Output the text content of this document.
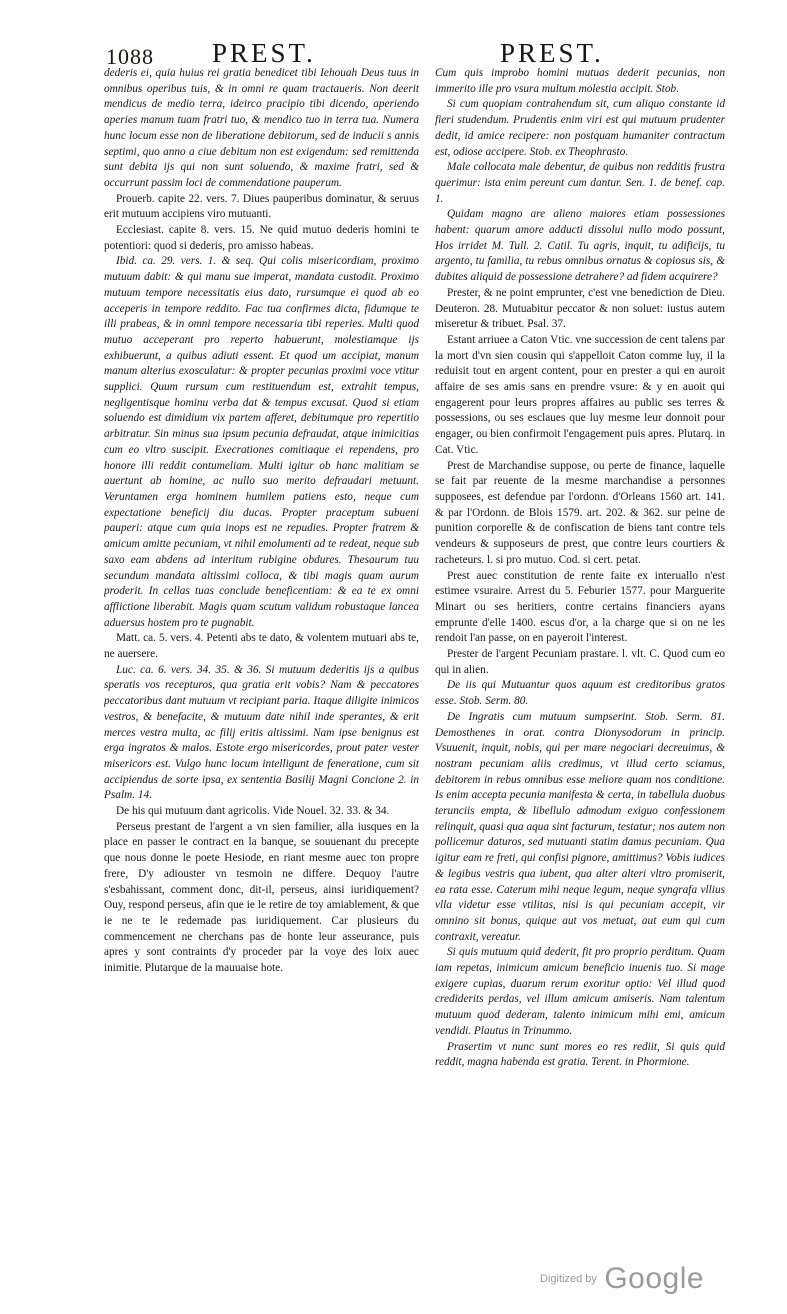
1088 PREST.	PREST.

dederis ei, quia huius rei gratia benedicet tibi Iehouah Deus tuus in omnibus operibus tuis, & in omni re quam tractaueris. Non deerit mendicus de medio terra, ideirco pracipio tibi dicendo, aperiendo aperies manum tuam fratri tuo, & mendico tuo in terra tua. Numera hunc locum esse non de liberatione debitorum, sed de inducii s annis septimi, quo anno a ciue debitum non est exigendum: sed remittenda sunt debita ijs qui non sunt soluendo, & maxime fratri, sed & occurrunt passim loci de commendatione pauperum.

Prouerb. capite 22. vers. 7. Diues pauperibus dominatur, & seruus erit mutuum accipiens viro mutuanti.

Ecclesiast. capite 8. vers. 15. Ne quid mutuo dederis homini te potentiori: quod si dederis, pro amisso habeas.

Ibid. ca. 29. vers. 1. & seq. Qui colis misericordiam, proximo mutuum dabit: & qui manu sue imperat, mandata custodit. Proximo mutuum tempore necessitatis eius dato, rursumque ei quod ab eo acceperis in tempore reddito. Fac tua confirmes dicta, fidumque te illi prabeas, & in omni tempore necessaria tibi reperies. Multi quod mutuo acceperant pro reperto habuerunt, molestiamque ijs exhibuerunt, a quibus adiuti essent. Et quod um accipiat, manum manum alterius exosculatur: & propter pecunias proximi voce vtitur supplici. Quum rursum cum restituendum est, extrahit tempus, negligentisque hominu verba dat & tempus excusat. Quod si etiam soluendo est dimidium vix partem afferet, debitumque pro repertitio arbitratur. Sin minus sua ipsum pecunia defraudat, atque inimicitias cum eo vltro suscipit. Execrationes comitiaque ei rependens, pro honore illi reddit contumeliam. Multi igitur ob hanc malitiam se auertunt ab homine, ac nullo suo merito defraudari metuunt. Veruntamen erga hominem humilem patiens esto, neque cum expectatione beneficij diu ducas. Propter praceptum subueni pauperi: atque cum quia inops est ne repudies. Propter fratrem & amicum amitte pecuniam, vt nihil emolumenti ad te redeat, neque sub saxo eam abdens ad interitum rubigine obdures. Thesaurum tuu secundum mandata altissimi colloca, & tibi magis quam aurum proderit. In cellas tuas conclude beneficentiam: & ea te ex omni afflictione liberabit. Magis quam scutum validum robustaque lancea aduersus hostem pro te pugnabit.

Matt. ca. 5. vers. 4. Petenti abs te dato, & volentem mutuari abs te, ne auersere.

Luc. ca. 6. vers. 34. 35. & 36. Si mutuum dederitis ijs a quibus speratis vos recepturos, qua gratia erit vobis? Nam & peccatores peccatoribus dant mutuum vt recipiant paria. Itaque diligite inimicos vestros, & benefacite, & mutuum date nihil inde sperantes, & erit merces vestra multa, ac filij eritis altissimi. Nam ipse benignus est erga ingratos & malos. Estote ergo misericordes, prout pater vester misericors est. Vulgo hunc locum intelligunt de feneratione, cum sit accipiendus de sorte ipsa, ex sententia Basilij Magni Concione 2. in Psalm. 14.

De his qui mutuum dant agricolis. Vide Nouel. 32. 33. & 34.

Perseus prestant de l'argent a vn sien familier, alla iusques en la place en passer le contract en la banque, se souuenant du precepte que nous donne le poete Hesiode, en riant mesme auec ton propre frere, D'y adiouster vn tesmoin ne differe. Dequoy l'autre s'esbahissant, comment donc, dit-il, perseus, ainsi iuridiquement? Ouy, respond perseus, afin que ie le retire de toy amiablement, & que ie ne te le redemade pas iuridiquement. Car plusieurs du commencement ne cherchans pas de honte leur asseurance, puis apres y sont contraints d'y proceder par la voye des loix auec inimitie. Plutarque de la mauuaise hote.

Cum quis improbo homini mutuas dederit pecunias, non immerito ille pro vsura multum molestia accipit. Stob.

Si cum quopiam contrahendum sit, cum aliquo constante id fieri studendum. Prudentis enim viri est qui mutuum prudenter dedit, id amice recipere: non postquam humaniter contractum est, odiose accipere. Stob. ex Theophrasto.

Male collocata male debentur, de quibus non redditis frustra querimur: ista enim pereunt cum dantur. Sen. 1. de benef. cap. 1.

Quidam magno are alieno maiores etiam possessiones habent: quarum amore adducti dissolui nullo modo possunt, Hos irridet M. Tull. 2. Catil. Tu agris, inquit, tu adificijs, tu argento, tu familia, tu rebus omnibus ornatus & copiosus sis, & dubites aliquid de possessione detrahere? ad fidem acquirere?

Prester, & ne point emprunter, c'est vne benediction de Dieu. Deuteron. 28. Mutuabitur peccator & non soluet: iustus autem miseretur & tribuet. Psal. 37.

Estant arriuee a Caton Vtic. vne succession de cent talens par la mort d'vn sien cousin qui s'appelloit Caton comme luy, il la reduisit tout en argent content, pour en prester a qui en auroit affaire de ses amis sans en prendre vsure: & y en auoit qui engagerent pour leurs propres affaires au public ses terres & possessions, ou ses esclaues que luy mesme leur donnoit pour engager, ou bien confirmoit l'engagement puis apres. Plutarq. in Cat. Vtic.

Prest de Marchandise suppose, ou perte de finance, laquelle se fait par reuente de la mesme marchandise a personnes supposees, est defendue par l'ordonn. d'Orleans 1560 art. 141. & par l'Ordonn. de Blois 1579. art. 202. & 362. sur peine de punition corporelle & de confiscation de biens tant contre tels vendeurs & supposeurs de prest, que contre leurs courtiers & racheteurs. l. si pro mutuo. Cod. si cert. petat.

Prest auec constitution de rente faite ex interuallo n'est estimee vsuraire. Arrest du 5. Feburier 1577. pour Marguerite Minart ou ses heritiers, contre certains financiers ayans emprunte d'elle 1400. escus d'or, a la charge que si on ne les rendoit l'an passe, on en payeroit l'interest.

Prester de l'argent Pecuniam prastare. l. vlt. C. Quod cum eo qui in alien.

De iis qui Mutuantur quos aquum est creditoribus gratos esse. Stob. Serm. 80.

De Ingratis cum mutuum sumpserint. Stob. Serm. 81. Demosthenes in orat. contra Dionysodorum in princip. Vsuuenit, inquit, nobis, qui per mare negociari decreuimus, & nostram pecuniam aliis credimus, vt illud certo sciamus, debitorem in rebus omnibus esse meliore quam nos conditione. Is enim accepta pecunia manifesta & certa, in tabellula duobus terunciis empta, & libellulo admodum exiguo confessionem relinquit, quasi qua aqua sint facturum, testatur; nos autem non pollicemur daturos, sed mutuanti statim damus pecuniam. Qua igitur eam re freti, qui confisi pignore, amittimus? Vobis iudices & legibus vestris qua iubent, qua alter alteri vltro promiserit, ea rata esse. Caterum mihi neque legum, neque syngrafa vllius vlla videtur esse vtilitas, nisi is qui pecuniam accepit, vir omnino sit bonus, quique aut vos metuat, aut eum qui cum contraxit, vereatur.

Si quis mutuum quid dederit, fit pro proprio perditum. Quam iam repetas, inimicum amicum beneficio inuenis tuo. Si mage exigere cupias, duarum rerum exoritur optio: Vel illud quod crediderits perdas, vel illum amicum amiseris. Nam talentum mutuum quod dederam, talento inimicum mihi emi, amicum vendidi. Plautus in Trinummo.

Prasertim vt nunc sunt mores eo res rediit, Si quis quid reddit, magna habenda est gratia. Terent. in Phormione.

$^{Digitized by}$ Google
